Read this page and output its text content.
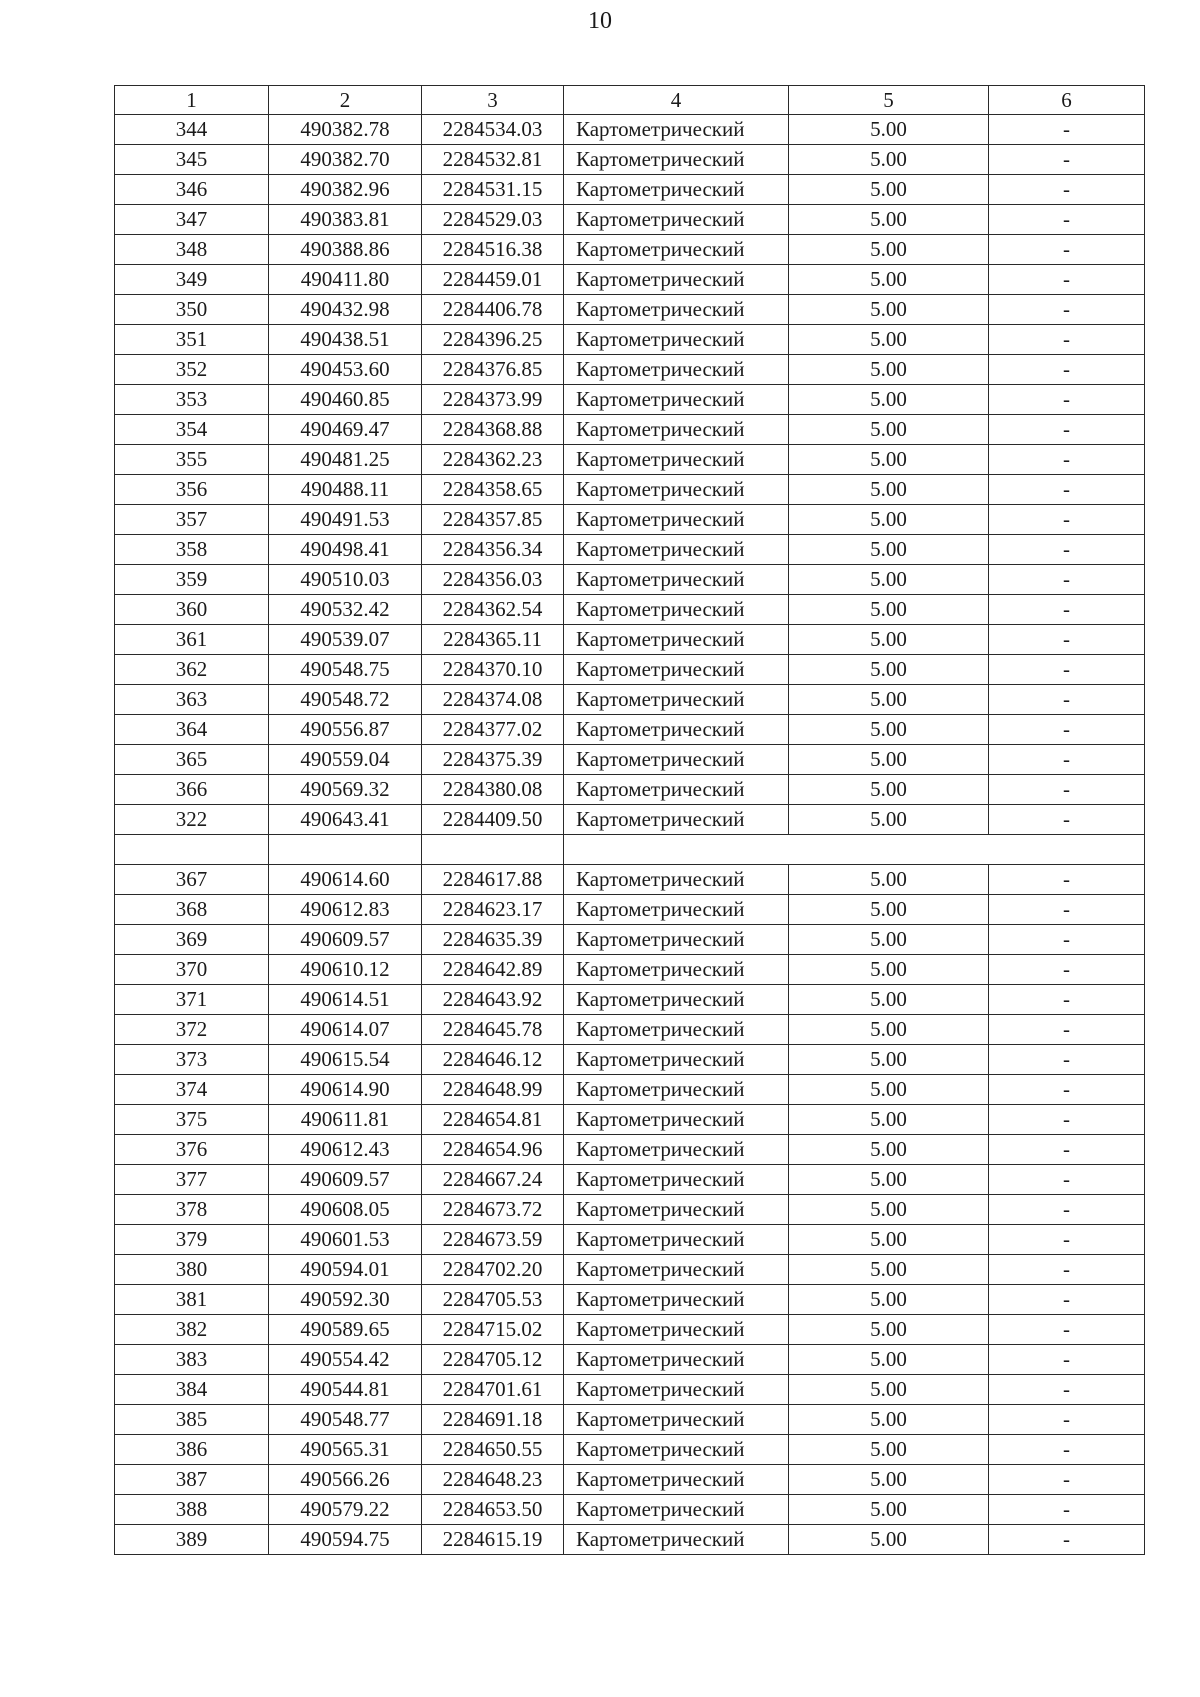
10
1	2	3	4	5	6
344	490382.78	2284534.03	Картометрический	5.00	-
345	490382.70	2284532.81	Картометрический	5.00	-
346	490382.96	2284531.15	Картометрический	5.00	-
347	490383.81	2284529.03	Картометрический	5.00	-
348	490388.86	2284516.38	Картометрический	5.00	-
349	490411.80	2284459.01	Картометрический	5.00	-
350	490432.98	2284406.78	Картометрический	5.00	-
351	490438.51	2284396.25	Картометрический	5.00	-
352	490453.60	2284376.85	Картометрический	5.00	-
353	490460.85	2284373.99	Картометрический	5.00	-
354	490469.47	2284368.88	Картометрический	5.00	-
355	490481.25	2284362.23	Картометрический	5.00	-
356	490488.11	2284358.65	Картометрический	5.00	-
357	490491.53	2284357.85	Картометрический	5.00	-
358	490498.41	2284356.34	Картометрический	5.00	-
359	490510.03	2284356.03	Картометрический	5.00	-
360	490532.42	2284362.54	Картометрический	5.00	-
361	490539.07	2284365.11	Картометрический	5.00	-
362	490548.75	2284370.10	Картометрический	5.00	-
363	490548.72	2284374.08	Картометрический	5.00	-
364	490556.87	2284377.02	Картометрический	5.00	-
365	490559.04	2284375.39	Картометрический	5.00	-
366	490569.32	2284380.08	Картометрический	5.00	-
322	490643.41	2284409.50	Картометрический	5.00	-

367	490614.60	2284617.88	Картометрический	5.00	-
368	490612.83	2284623.17	Картометрический	5.00	-
369	490609.57	2284635.39	Картометрический	5.00	-
370	490610.12	2284642.89	Картометрический	5.00	-
371	490614.51	2284643.92	Картометрический	5.00	-
372	490614.07	2284645.78	Картометрический	5.00	-
373	490615.54	2284646.12	Картометрический	5.00	-
374	490614.90	2284648.99	Картометрический	5.00	-
375	490611.81	2284654.81	Картометрический	5.00	-
376	490612.43	2284654.96	Картометрический	5.00	-
377	490609.57	2284667.24	Картометрический	5.00	-
378	490608.05	2284673.72	Картометрический	5.00	-
379	490601.53	2284673.59	Картометрический	5.00	-
380	490594.01	2284702.20	Картометрический	5.00	-
381	490592.30	2284705.53	Картометрический	5.00	-
382	490589.65	2284715.02	Картометрический	5.00	-
383	490554.42	2284705.12	Картометрический	5.00	-
384	490544.81	2284701.61	Картометрический	5.00	-
385	490548.77	2284691.18	Картометрический	5.00	-
386	490565.31	2284650.55	Картометрический	5.00	-
387	490566.26	2284648.23	Картометрический	5.00	-
388	490579.22	2284653.50	Картометрический	5.00	-
389	490594.75	2284615.19	Картометрический	5.00	-
